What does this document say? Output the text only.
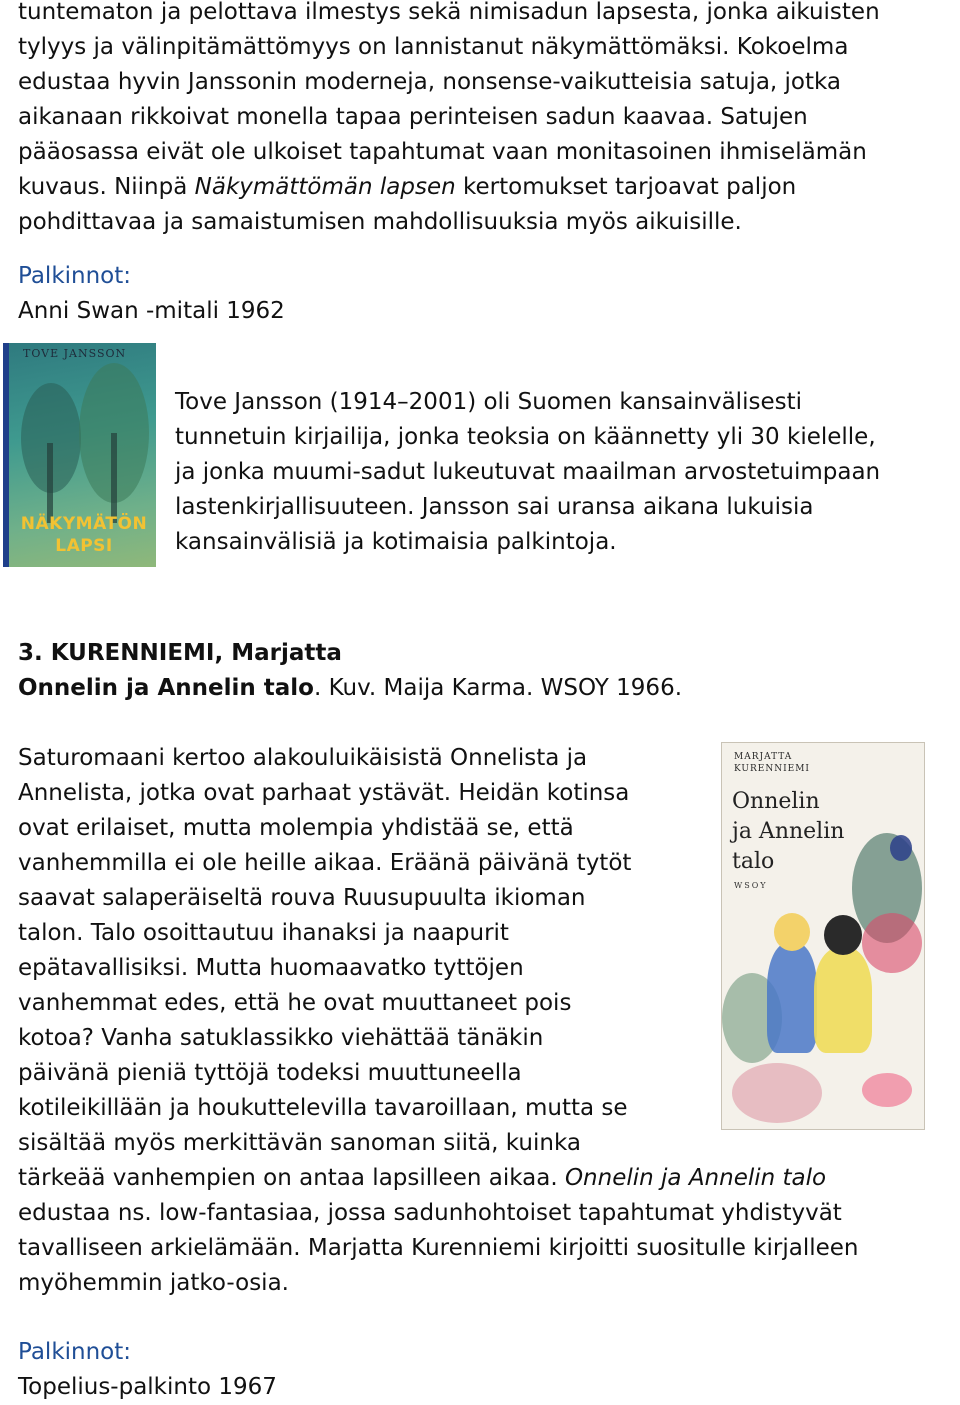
tuntematon ja pelottava ilmestys sekä nimisadun lapsesta, jonka aikuisten
tylyys ja välinpitämättömyys on lannistanut näkymättömäksi. Kokoelma
edustaa hyvin Janssonin moderneja, nonsense-vaikutteisia satuja, jotka
aikanaan rikkoivat monella tapaa perinteisen sadun kaavaa. Satujen
pääosassa eivät ole ulkoiset tapahtumat vaan monitasoinen ihmiselämän
kuvaus. Niinpä Näkymättömän lapsen kertomukset tarjoavat paljon
pohdittavaa ja samaistumisen mahdollisuuksia myös aikuisille.
Palkinnot:
Anni Swan -mitali 1962
TOVE JANSSON
NÄKYMÄTÖN
LAPSI
Tove Jansson (1914–2001) oli Suomen kansainvälisesti
tunnetuin kirjailija, jonka teoksia on käännetty yli 30 kielelle,
ja jonka muumi-sadut lukeutuvat maailman arvostetuimpaan
lastenkirjallisuuteen. Jansson sai uransa aikana lukuisia
kansainvälisiä ja kotimaisia palkintoja.
3. KURENNIEMI, Marjatta
Onnelin ja Annelin talo. Kuv. Maija Karma. WSOY 1966.
MARJATTA
KURENNIEMI
Onnelin
ja Annelin
talo
WSOY
Saturomaani kertoo alakouluikäisistä Onnelista ja
Annelista, jotka ovat parhaat ystävät. Heidän kotinsa
ovat erilaiset, mutta molempia yhdistää se, että
vanhemmilla ei ole heille aikaa. Eräänä päivänä tytöt
saavat salaperäiseltä rouva Ruusupuulta ikioman
talon. Talo osoittautuu ihanaksi ja naapurit
epätavallisiksi. Mutta huomaavatko tyttöjen
vanhemmat edes, että he ovat muuttaneet pois
kotoa? Vanha satuklassikko viehättää tänäkin
päivänä pieniä tyttöjä todeksi muuttuneella
kotileikillään ja houkuttelevilla tavaroillaan, mutta se
sisältää myös merkittävän sanoman siitä, kuinka
tärkeää vanhempien on antaa lapsilleen aikaa. Onnelin ja Annelin talo
edustaa ns. low-fantasiaa, jossa sadunhohtoiset tapahtumat yhdistyvät
tavalliseen arkielämään. Marjatta Kurenniemi kirjoitti suositulle kirjalleen
myöhemmin jatko-osia.
Palkinnot:
Topelius-palkinto 1967
